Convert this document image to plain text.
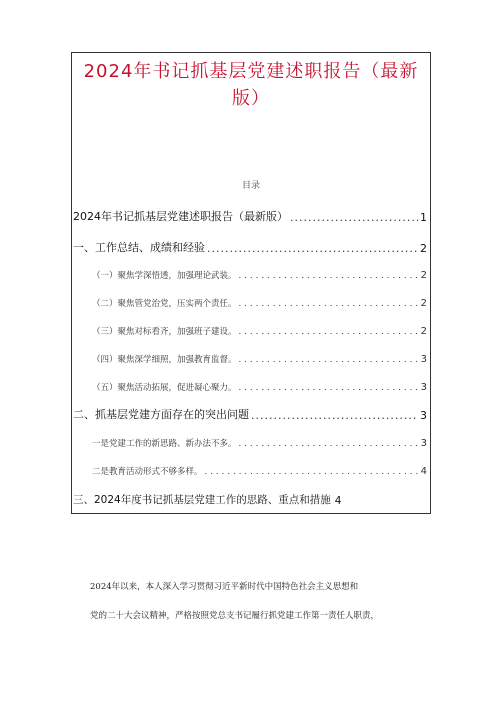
2024年书记抓基层党建述职报告（最新版）
目录
2024年书记抓基层党建述职报告（最新版） .....	1
一、工作总结、成绩和经验 .....	2
（一）聚焦学深悟透，加强理论武装。 .....	2
（二）聚焦管党治党，压实两个责任。 .....	2
（三）聚焦对标看齐，加强班子建设。 .....	2
（四）聚焦深学细照，加强教育监督。 .....	3
（五）聚焦活动拓展，促进凝心聚力。 .....	3
二、抓基层党建方面存在的突出问题 .....	3
一是党建工作的新思路、新办法不多。 .....	3
二是教育活动形式不够多样。 .....	4
三、2024年度书记抓基层党建工作的思路、重点和措施 4
2024年以来，本人深入学习贯彻习近平新时代中国特色社会主义思想和
党的二十大会议精神，严格按照党总支书记履行抓党建工作第一责任人职责，
